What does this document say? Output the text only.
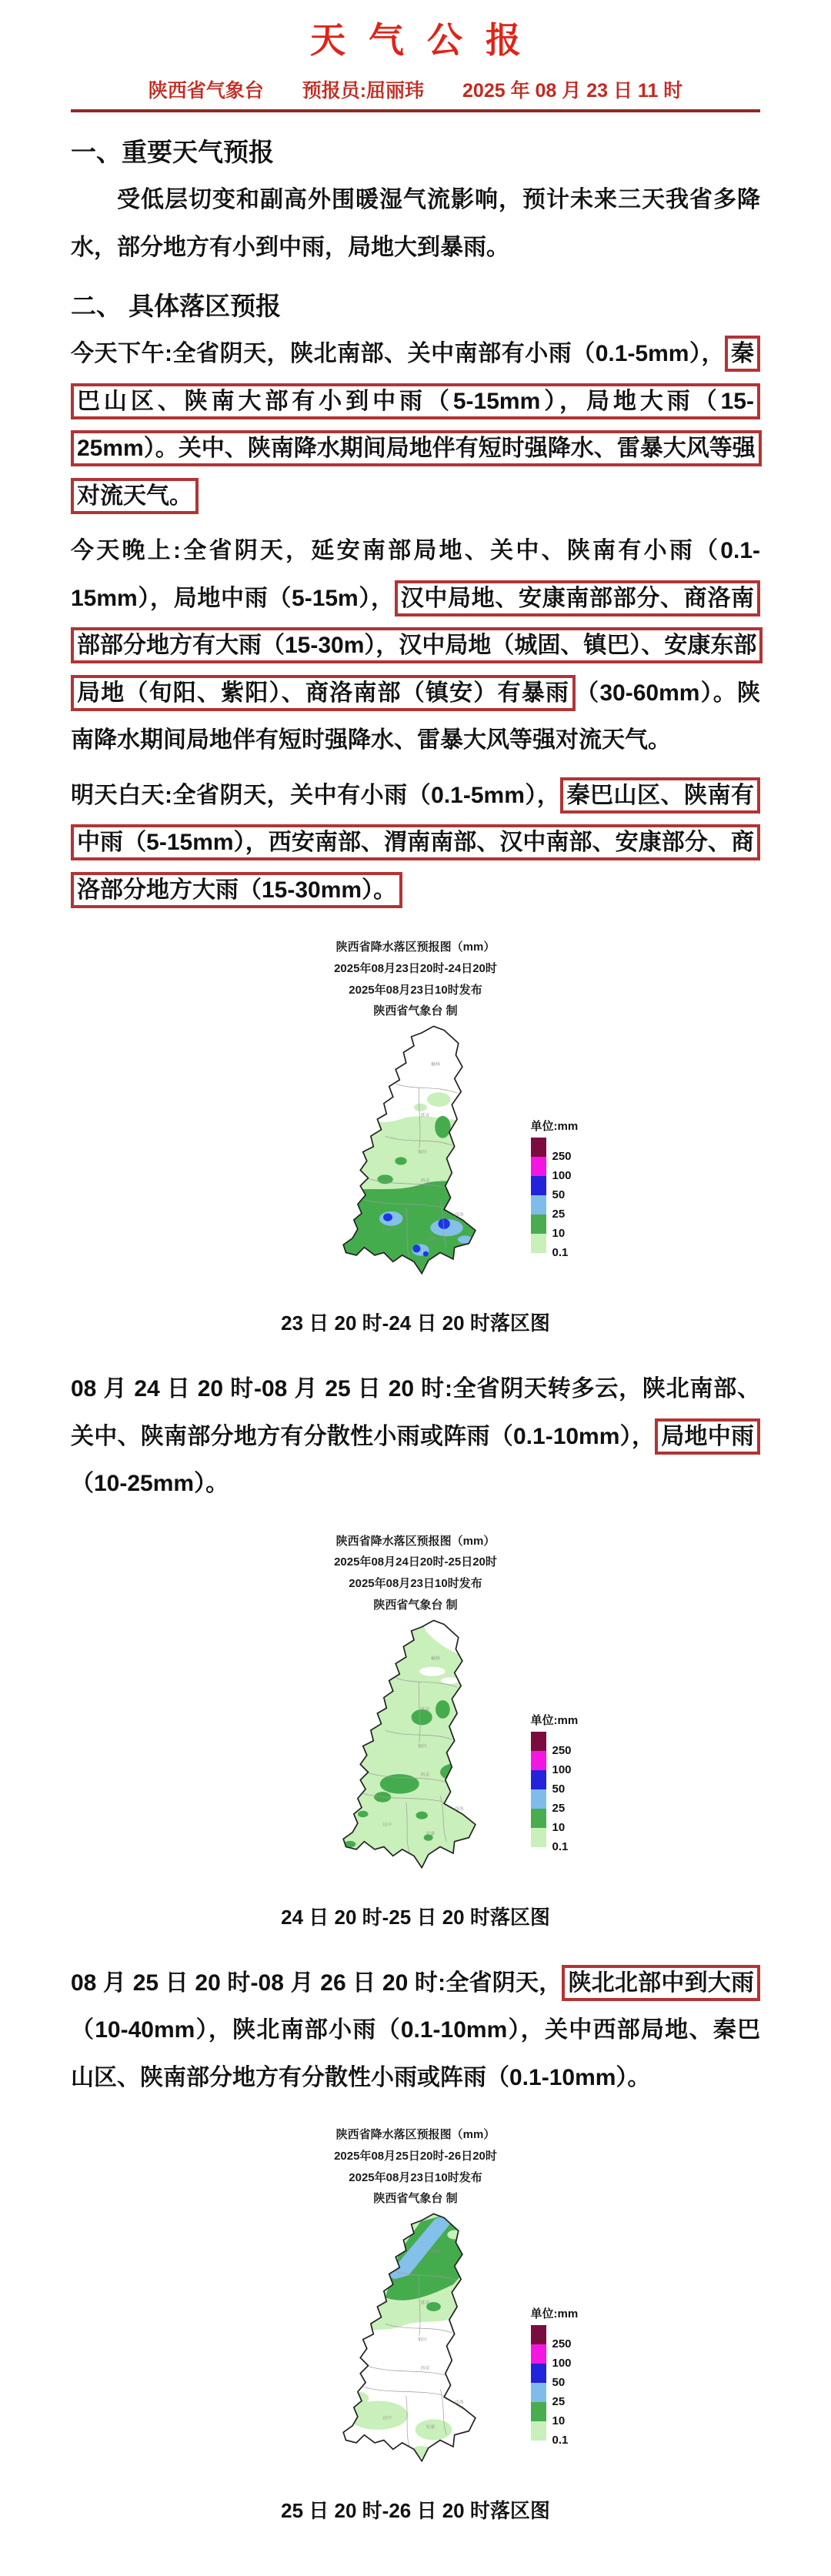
天气公报
陕西省气象台　　预报员:屈丽玮　　2025 年 08 月 23 日 11 时
一、重要天气预报

受低层切变和副高外围暖湿气流影响，预计未来三天我省多降水，部分地方有小到中雨，局地大到暴雨。

二、 具体落区预报

今天下午:全省阴天，陕北南部、关中南部有小雨（0.1-5mm）， 秦巴山区、陕南大部有小到中雨（5-15mm），局地大雨（15-25mm）。关中、陕南降水期间局地伴有短时强降水、雷暴大风等强对流天气。

今天晚上:全省阴天，延安南部局地、关中、陕南有小雨（0.1-15mm），局地中雨（5-15m）， 汉中局地、安康南部部分、商洛南部部分地方有大雨（15-30m），汉中局地（城固、镇巴）、安康东部局地（旬阳、紫阳）、商洛南部（镇安）有暴雨 （30-60mm）。陕南降水期间局地伴有短时强降水、雷暴大风等强对流天气。

明天白天:全省阴天，关中有小雨（0.1-5mm）， 秦巴山区、陕南有中雨（5-15mm），西安南部、渭南南部、汉中南部、安康部分、商洛部分地方大雨（15-30mm）。

陕西省降水落区预报图（mm）
2025年08月23日20时-24日20时
2025年08月23日10时发布
陕西省气象台 制
榆林
延安
铜川
西安
汉中
安康
商洛
单位:mm
250
100
50
25
10
0.1
23 日 20 时-24 日 20 时落区图

08 月 24 日 20 时-08 月 25 日 20 时:全省阴天转多云，陕北南部、关中、陕南部分地方有分散性小雨或阵雨（0.1-10mm）， 局地中雨（10-25mm）。

陕西省降水落区预报图（mm）
2025年08月24日20时-25日20时
2025年08月23日10时发布
陕西省气象台 制
榆林
延安
铜川
西安
汉中
安康
商洛
单位:mm
250
100
50
25
10
0.1
24 日 20 时-25 日 20 时落区图

08 月 25 日 20 时-08 月 26 日 20 时:全省阴天， 陕北北部中到大雨（10-40mm），陕北南部小雨（0.1-10mm），关中西部局地、秦巴山区、陕南部分地方有分散性小雨或阵雨（0.1-10mm）。

陕西省降水落区预报图（mm）
2025年08月25日20时-26日20时
2025年08月23日10时发布
陕西省气象台 制
榆林
延安
铜川
西安
汉中
安康
商洛
单位:mm
250
100
50
25
10
0.1
25 日 20 时-26 日 20 时落区图
